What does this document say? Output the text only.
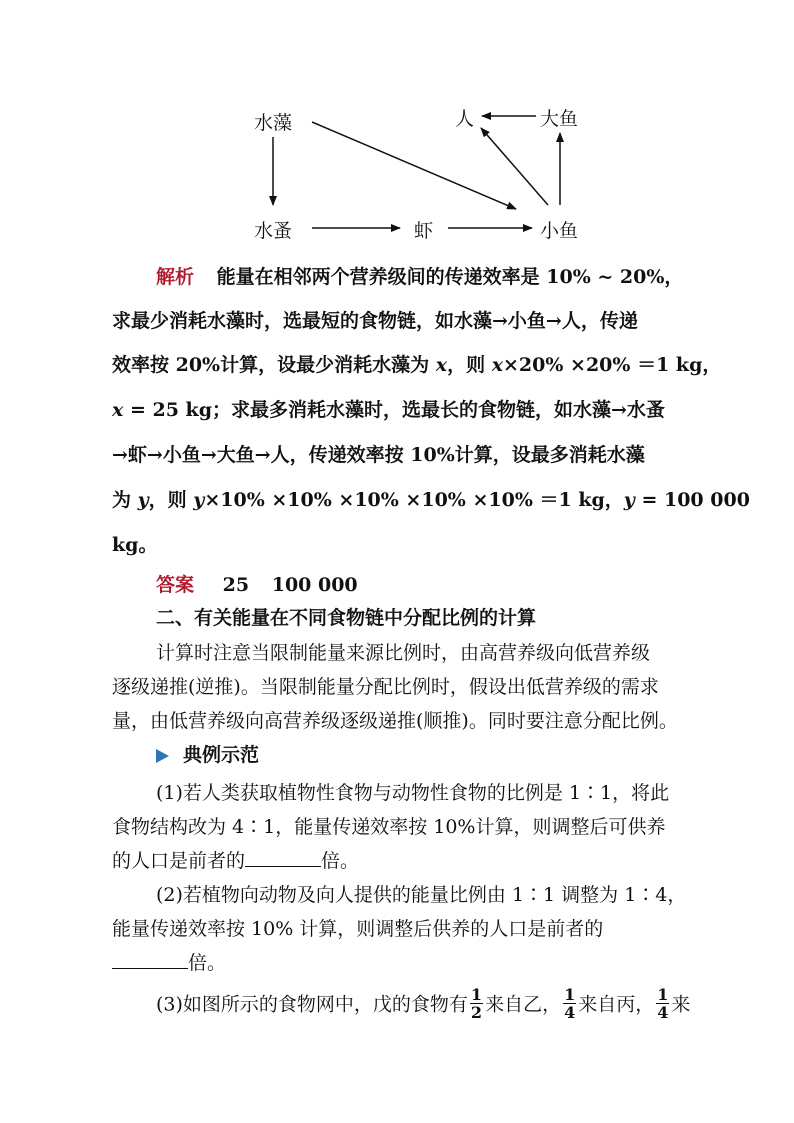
水藻
水蚤	虾	小鱼
人	大鱼
解析 能量在相邻两个营养级间的传递效率是 10% ~ 20%，
求最少消耗水藻时，选最短的食物链，如水藻→小鱼→人，传递
效率按 20%计算，设最少消耗水藻为 x，则 x×20% ×20% ＝1 kg，
x = 25 kg；求最多消耗水藻时，选最长的食物链，如水藻→水蚤
→虾→小鱼→大鱼→人，传递效率按 10%计算，设最多消耗水藻
为 y，则 y×10% ×10% ×10% ×10% ×10% ＝1 kg，y = 100 000
kg。
答案 25 100 000
二、有关能量在不同食物链中分配比例的计算
计算时注意当限制能量来源比例时，由高营养级向低营养级
逐级递推(逆推)。当限制能量分配比例时，假设出低营养级的需求
量，由低营养级向高营养级逐级递推(顺推)。同时要注意分配比例。
典例示范
(1)若人类获取植物性食物与动物性食物的比例是 1∶1，将此
食物结构改为 4∶1，能量传递效率按 10%计算，则调整后可供养
的人口是前者的	倍。
(2)若植物向动物及向人提供的能量比例由 1∶1 调整为 1∶4，
能量传递效率按 10% 计算，则调整后供养的人口是前者的
倍。
(3)如图所示的食物网中，戊的食物有 $\frac{1}{2}$ 来自乙， $\frac{1}{4}$ 来自丙， $\frac{1}{4}$ 来
